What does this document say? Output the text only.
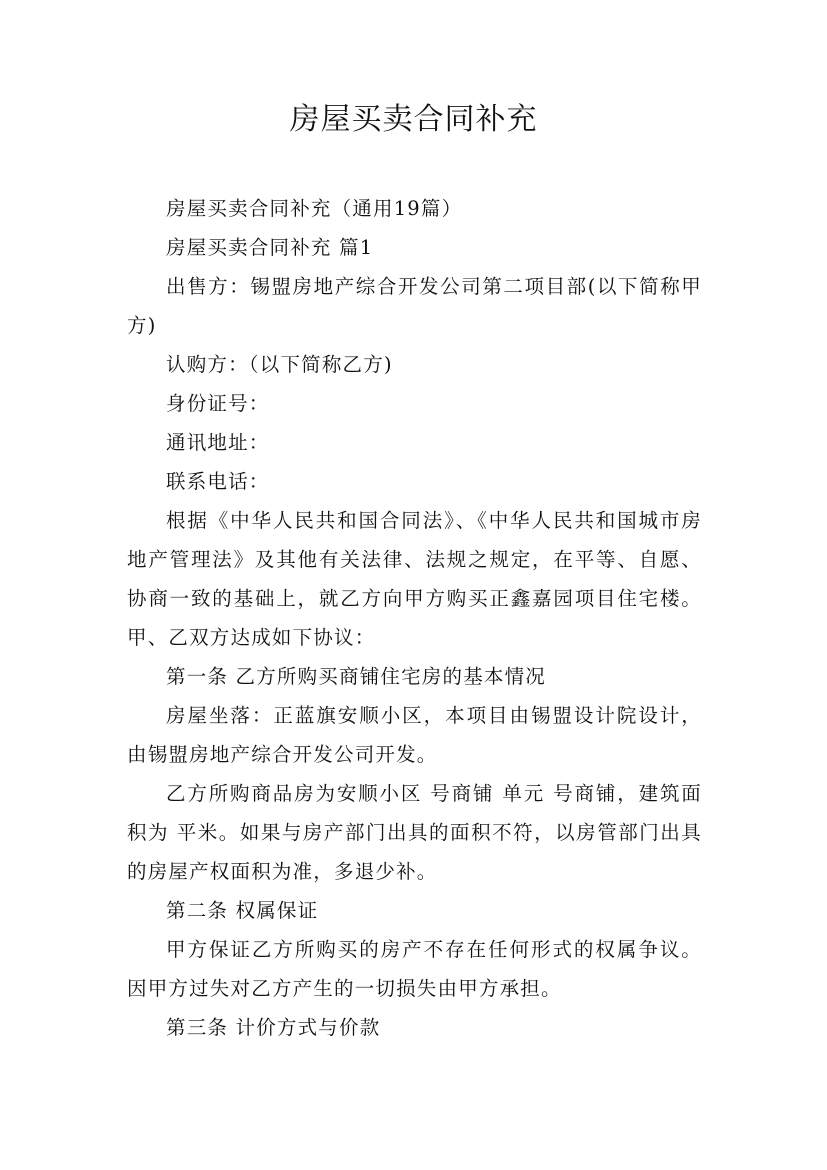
房屋买卖合同补充

房屋买卖合同补充（通用19篇）

房屋买卖合同补充 篇1

出售方：锡盟房地产综合开发公司第二项目部(以下简称甲方)

认购方：（以下简称乙方)

身份证号：

通讯地址：

联系电话：

根据《中华人民共和国合同法》、《中华人民共和国城市房地产管理法》及其他有关法律、法规之规定，在平等、自愿、协商一致的基础上，就乙方向甲方购买正鑫嘉园项目住宅楼。甲、乙双方达成如下协议：

第一条 乙方所购买商铺住宅房的基本情况

房屋坐落：正蓝旗安顺小区，本项目由锡盟设计院设计，由锡盟房地产综合开发公司开发。

乙方所购商品房为安顺小区 号商铺 单元 号商铺，建筑面积为 平米。如果与房产部门出具的面积不符，以房管部门出具的房屋产权面积为准，多退少补。

第二条 权属保证

甲方保证乙方所购买的房产不存在任何形式的权属争议。因甲方过失对乙方产生的一切损失由甲方承担。

第三条 计价方式与价款
